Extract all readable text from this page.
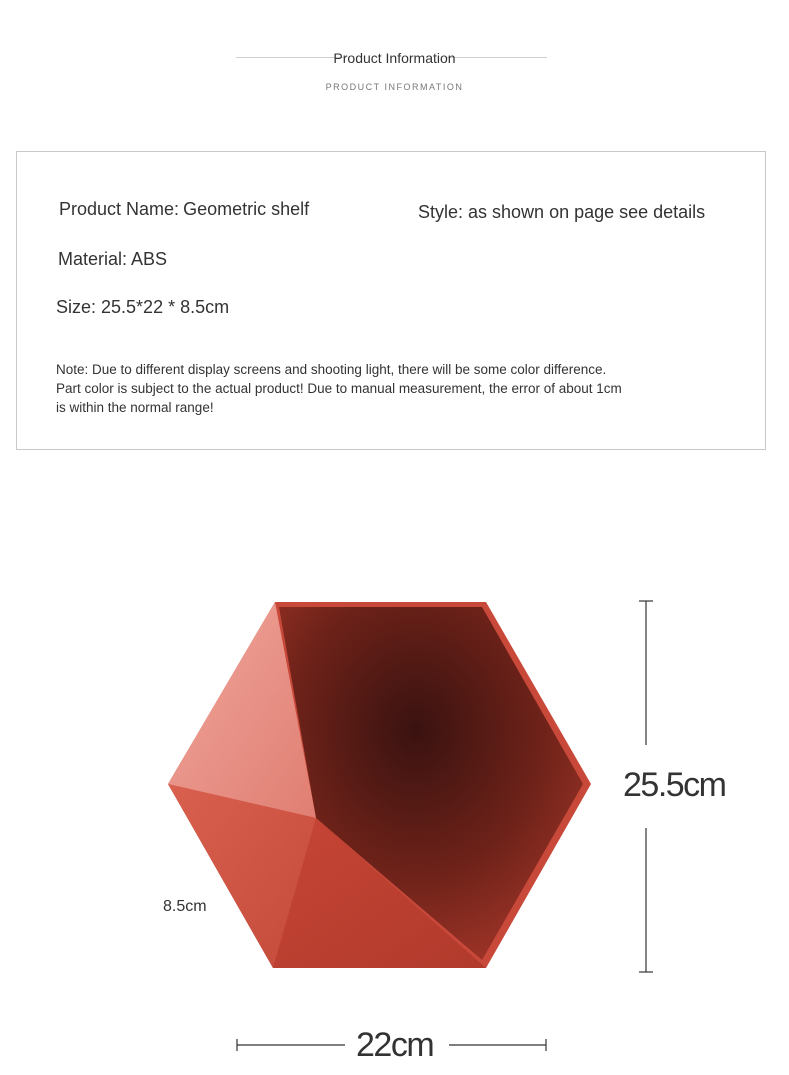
Product Information
PRODUCT INFORMATION
Product Name: Geometric shelf	Style: as shown on page see details
Material: ABS
Size: 25.5*22 * 8.5cm
Note: Due to different display screens and shooting light, there will be some color difference.
Part color is subject to the actual product! Due to manual measurement, the error of about 1cm
is within the normal range!
25.5cm
22cm
8.5cm
